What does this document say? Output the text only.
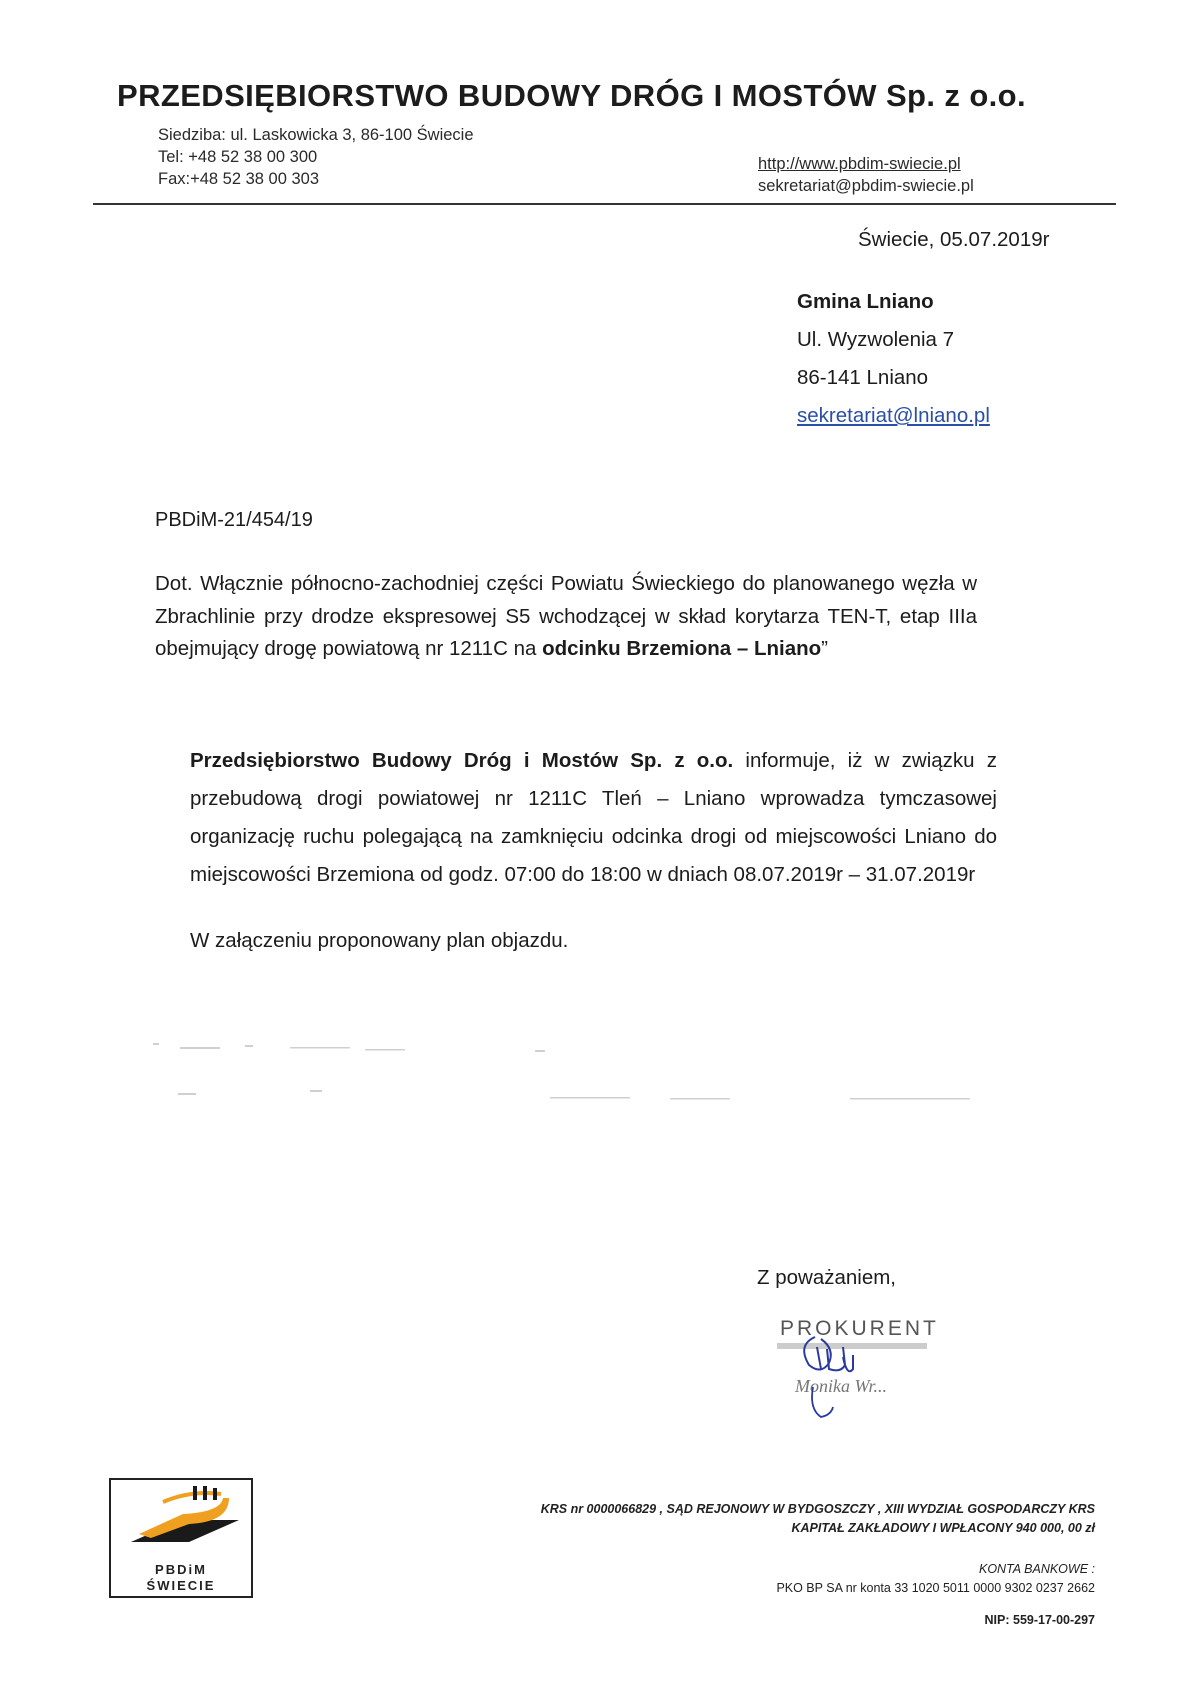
PRZEDSIĘBIORSTWO BUDOWY DRÓG I MOSTÓW Sp. z o.o.
Siedziba: ul. Laskowicka 3, 86-100 Świecie
Tel: +48 52 38 00 300
Fax:+48 52 38 00 303
http://www.pbdim-swiecie.pl
sekretariat@pbdim-swiecie.pl
Świecie, 05.07.2019r
Gmina Lniano
Ul. Wyzwolenia 7
86-141 Lniano
sekretariat@lniano.pl
PBDiM-21/454/19
Dot. Włącznie północno-zachodniej części Powiatu Świeckiego do planowanego węzła w Zbrachlinie przy drodze ekspresowej S5 wchodzącej w skład korytarza TEN-T, etap IIIa obejmujący drogę powiatową nr 1211C na odcinku Brzemiona – Lniano”
Przedsiębiorstwo Budowy Dróg i Mostów Sp. z o.o. informuje, iż w związku z przebudową drogi powiatowej nr 1211C Tleń – Lniano wprowadza tymczasowej organizację ruchu polegającą na zamknięciu odcinka drogi od miejscowości Lniano do miejscowości Brzemiona od godz. 07:00 do 18:00 w dniach 08.07.2019r – 31.07.2019r
W załączeniu proponowany plan objazdu.
Z poważaniem,
PROKURENT
Monika Wr...
PBDiM
ŚWIECIE
KRS nr 0000066829 , SĄD REJONOWY W BYDGOSZCZY , XIII WYDZIAŁ GOSPODARCZY KRS
KAPITAŁ ZAKŁADOWY I WPŁACONY 940 000, 00 zł
KONTA BANKOWE :
PKO BP SA nr konta 33 1020 5011 0000 9302 0237 2662
NIP: 559-17-00-297
